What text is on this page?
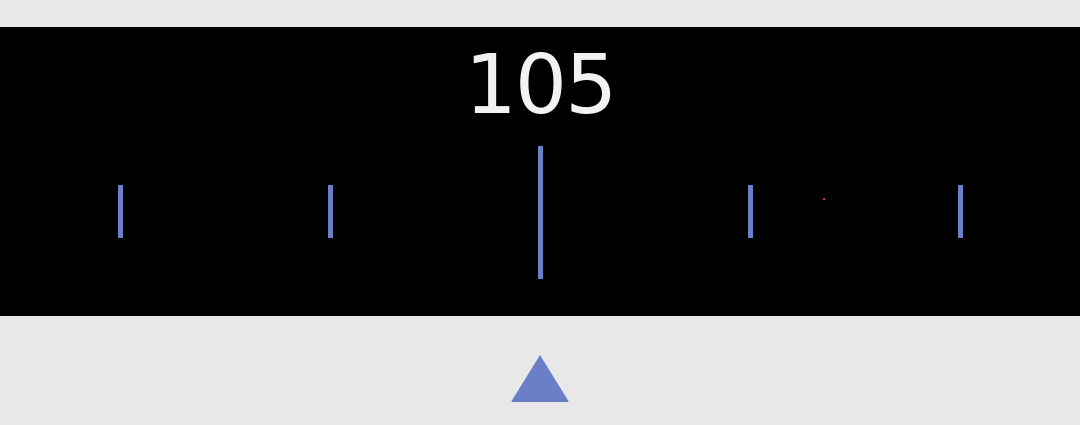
105
